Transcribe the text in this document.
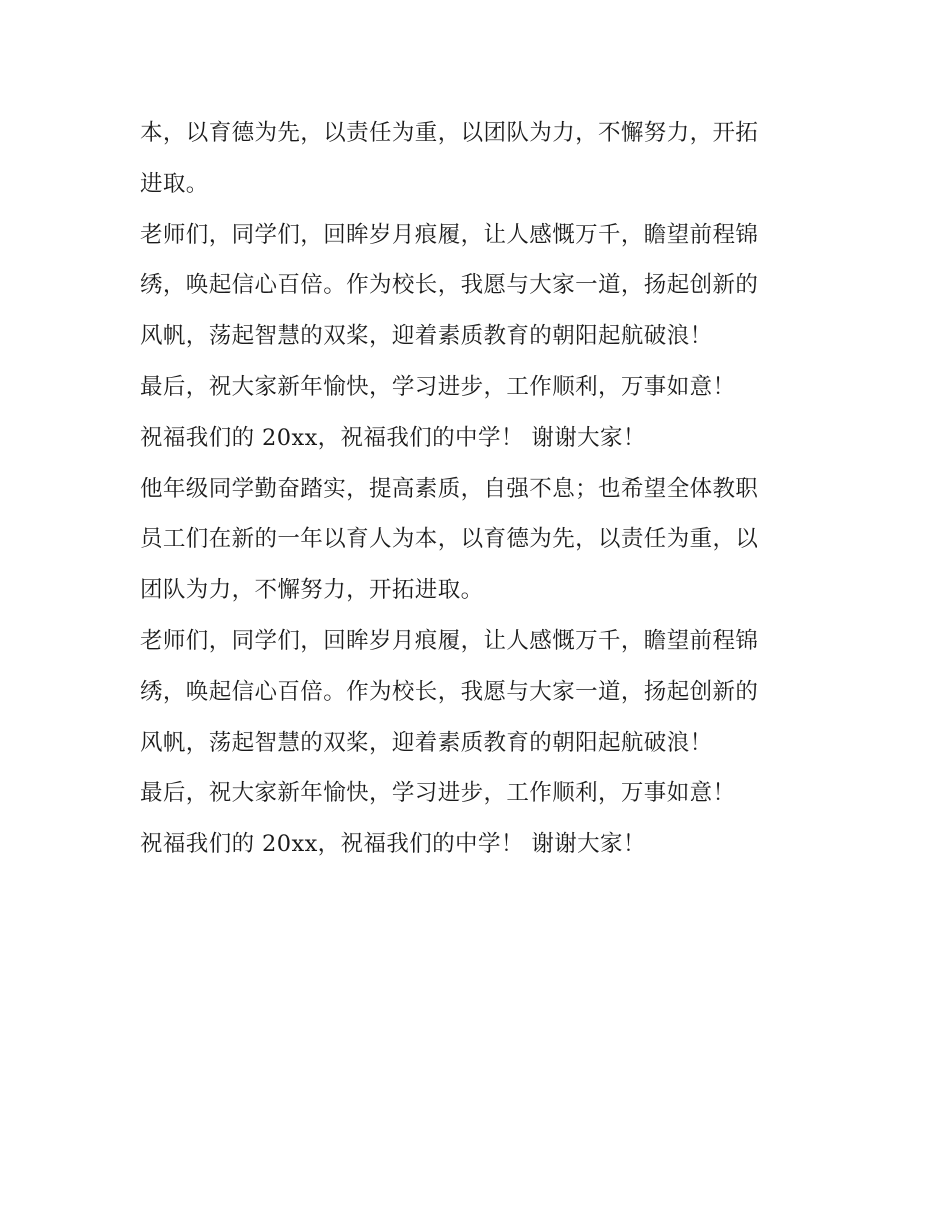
本，以育德为先，以责任为重，以团队为力，不懈努力，开拓
进取。
老师们，同学们，回眸岁月痕履，让人感慨万千，瞻望前程锦
绣，唤起信心百倍。作为校长，我愿与大家一道，扬起创新的
风帆，荡起智慧的双桨，迎着素质教育的朝阳起航破浪！
最后，祝大家新年愉快，学习进步，工作顺利，万事如意！
祝福我们的 20xx，祝福我们的中学！ 谢谢大家！
他年级同学勤奋踏实，提高素质，自强不息；也希望全体教职
员工们在新的一年以育人为本，以育德为先，以责任为重，以
团队为力，不懈努力，开拓进取。
老师们，同学们，回眸岁月痕履，让人感慨万千，瞻望前程锦
绣，唤起信心百倍。作为校长，我愿与大家一道，扬起创新的
风帆，荡起智慧的双桨，迎着素质教育的朝阳起航破浪！
最后，祝大家新年愉快，学习进步，工作顺利，万事如意！
祝福我们的 20xx，祝福我们的中学！ 谢谢大家！
